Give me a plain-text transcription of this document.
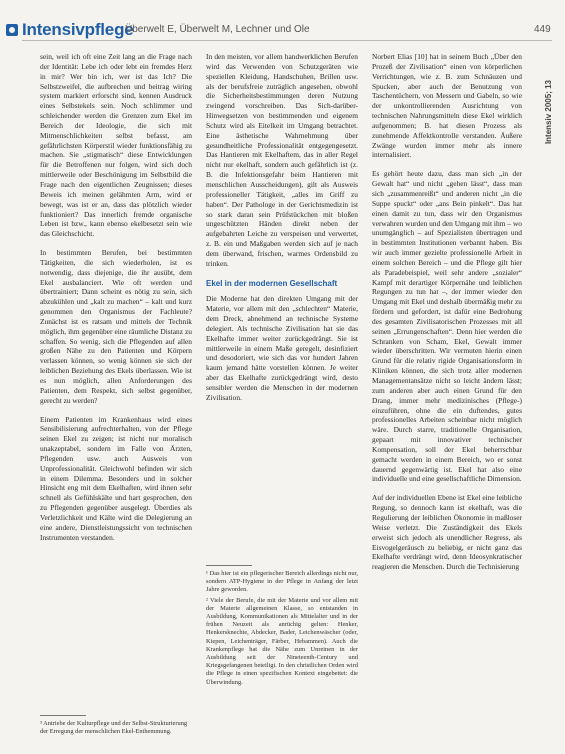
Intensivpflege
Überwelt E, Überwelt M, Lechner und Ole	449
Intensiv 2005; 13

sein, weil ich oft eine Zeit lang an die Frage nach der Identität: Lebe ich oder lebt ein fremdes Herz in mir? Wer bin ich, wer ist das Ich? Die Selbstzweifel, die aufbrechen und beitrag wiring system markiert erforscht sind, kennen Ausdruck eines Selbstekels sein. Noch schlimmer und schleichender werden die Grenzen zum Ekel im Bereich der Ideologie, die sich mit Mitmenschlichkeiten selbst befasst, am gefährlichsten Körperstil wieder funktionsfähig zu machen. Sie „stigmatisch“ diese Entwicklungen für die Betroffenen nur folgen, wird sich doch mittlerweile oder Beschönigung im Selbstbild die Frage nach den eigentlichen Zeugnissen; dieses Beweis ich meinen gelähmten Arm, wird er bewegt, was ist er an, dass das plötzlich wieder funktioniert? Das innerlich fremde organische Leben ist bzw., kann ebenso ekelbesetzt sein wie das Gleichschicht.

In bestimmten Berufen, bei bestimmten Tätigkeiten, die sich wiederholen, ist es notwendig, dass diejenige, die ihr ausübt, dem Ekel ausbalanciert. Wie oft werden und übertrainiert; Dann scheint es nötig zu sein, sich abzukühlen und „kalt zu machen“ – kalt und kurz genommen den Organismus der Fachleute? Zunächst ist es ratsam und mittels der Technik möglich, ihm gegenüber eine räumliche Distanz zu schaffen. So wenig, sich die Pflegenden auf allen großen Nähe zu den Patienten und Körpern verlassen können, so wenig können sie sich der leiblichen Beziehung des Ekels überlassen. Wie ist es nun möglich, allen Anforderungen des Patienten, dem Respekt, sich selbst gegenüber, gerecht zu werden?

Einem Patienten im Krankenhaus wird eines Sensibilisierung aufrechterhalten, von der Pflege seinen Ekel zu zeigen; ist nicht nur moralisch unakzeptabel, sondern im Falle von Ärzten, Pflegenden usw. auch Ausweis von Unprofessionalität. Gleichwohl befinden wir sich in einem Dilemma. Besonders und in solcher Hinsicht eng mit dem Ekelhaften, wird ihnen sehr schnell als Gefühlskälte und hart gesprochen, den zu Pflegenden gegenüber ausgelegt. Überdies als Verletzlichkeit und Kälte wird die Delegierung an eine andere, Dienstleistungssicht von technischen Instrumenten verstanden.

In den meisten, vor allem handwerklichen Berufen wird das Verwenden von Schutzgeräten wie speziellen Kleidung, Handschuhen, Brillen usw. als der berufsfreie zuträglich angesehen, obwohl die Sicherheitsbestimmungen deren Nutzung zwingend vorschreiben. Das Sich-darüber-Hinwegsetzen von bestimmenden und eigenem Schutz wird als Eitelkeit im Umgang betrachtet. Eine ästhetische Wahrnehmung über gesundheitliche Professionalität entgegengesetzt. Das Hantieren mit Ekelhaftem, das in aller Regel nicht nur ekelhaft, sondern auch gefährlich ist (z. B. die Infektionsgefahr beim Hantieren mit menschlichen Ausscheidungen), gilt als Ausweis professioneller Tätigkeit, „alles im Griff zu haben“. Der Pathologe in der Gerichtsmedizin ist so stark daran sein Prüfstückchen mit bloßen ungeschützten Händen direkt neben der aufgebahrten Leiche zu verspeisen und verwertet, z. B. ein und Maßgaben werden sich auf je nach dem überwand, frischen, warmes Ordensbild zu trinken.

Ekel in der modernen Gesellschaft

Die Moderne hat den direkten Umgang mit der Materie, vor allem mit den „schlechten“ Materie, dem Dreck, abnehmend an technische Systeme delegiert. Als technische Zivilisation hat sie das Ekelhafte immer weiter zurückgedrängt. Sie ist mittlerweile in einem Maße geregelt, desinfiziert und desodoriert, wie sich das vor hundert Jahren kaum jemand hätte vorstellen können. Je weiter aber das Ekelhafte zurückgedrängt wird, desto sensibler werden die Menschen in der modernen Zivilisation.

¹ Das hier ist ein pflegerischer Bereich allerdings nicht nur, sondern ATP-Hygiene in der Pflege in Anfang der letzt Jahre geworden.
² Viele der Berufe, die mit der Materie und vor allem mit der Materie allgemeinen Klasse, so entstanden in Ausbildung, Kommunikationen als Mittelalter und in der frühen Neuzeit als anrüchig gelten: Henker, Henkersknechte, Abdecker, Bader, Leichenwäscher (oder, Kiepen, Leichenträger, Färber, Hebammen). Auch die Krankenpflege hat die Nähe zum Unreinen in der Ausbildung seit der Nineteenth-Century und Kriegsgefangenen beteiligt. In den christlichen Orden wird die Pflege in einen spezifischen Kontext eingebettet: die Überwindung.
³ Antriebe der Kulturpflege und der Selbst-Strukturierung der Erregung der menschlichen Ekel-Enthemmung.

Norbert Elias [10] hat in seinem Buch „Über den Prozeß der Zivilisation“ einen von körperlichen Verrichtungen, wie z. B. zum Schnäuzen und Spucken, aber auch der Benutzung von Taschentüchern, von Messern und Gabeln, so wie der unkontrollierenden Ausrichtung von technischen Nahrungsmitteln diese Ekel wirklich aufgenommen; B. hat diesen Prozess als zunehmende Affektkontrolle verstanden. Äußere Zwänge wurden immer mehr als innere internalisiert.

Es gehört heute dazu, dass man sich „in der Gewalt hat“ und nicht „gehen lässt“, dass man sich „zusammenreißt“ und anderen nicht „in die Suppe spuckt“ oder „ans Bein pinkelt“. Das hat einen damit zu tun, dass wir den Organismus verwahren wurden und den Umgang mit ihm – wo unumgänglich – auf Spezialisten übertragen und in bestimmten Institutionen verbannt haben. Bis wir auch immer gezielte professionelle Arbeit in einem solchen Bereich – und die Pflege gilt hier als Paradebeispiel, weil sehr andere „sozialer“ Kampf mit derartiger Körpernähe und leiblichen Regungen zu tun hat –, der immer wieder den Umgang mit Ekel und deshalb übermäßig mehr zu fördern und gefordert, ist dafür eine Bedrohung des gesamten Zivilisatorischen Prozesses mit all seinen „Errungenschaften“. Denn hier werden die Schranken von Scham, Ekel, Gewalt immer wieder überschritten. Wir vermuten hierin einen Grund für die relativ rigide Organisationsform in Kliniken können, die sich trotz aller modernen Managementansätze nicht so leicht ändern lässt; zum anderen aber auch einen Grund für den Drang, immer mehr medizinisches (Pflege-) einzuführen, ohne die ein duftendes, gutes professionelles Arbeiten scheinbar nicht möglich wäre. Durch starre, traditionelle Organisation, gepaart mit innovativer technischer Kompensation, soll der Ekel beherrschbar gemacht werden in einem Bereich, wo er sonst dauernd gegenwärtig ist. Ekel hat also eine individuelle und eine gesellschaftliche Dimension.

Auf der individuellen Ebene ist Ekel eine leibliche Regung, so dennoch kann ist ekelhaft, was die Regulierung der leiblichen Ökonomie in maßloser Weise verletzt. Die Zuständigkeit des Ekels erweist sich jedoch als unendlicher Regress, als Eisvogelgeräusch zu beliebig, er nicht ganz das Ekelhafte verdrängt wird, denn Ideosynkratischer reagieren die Menschen. Durch die Technisierung
